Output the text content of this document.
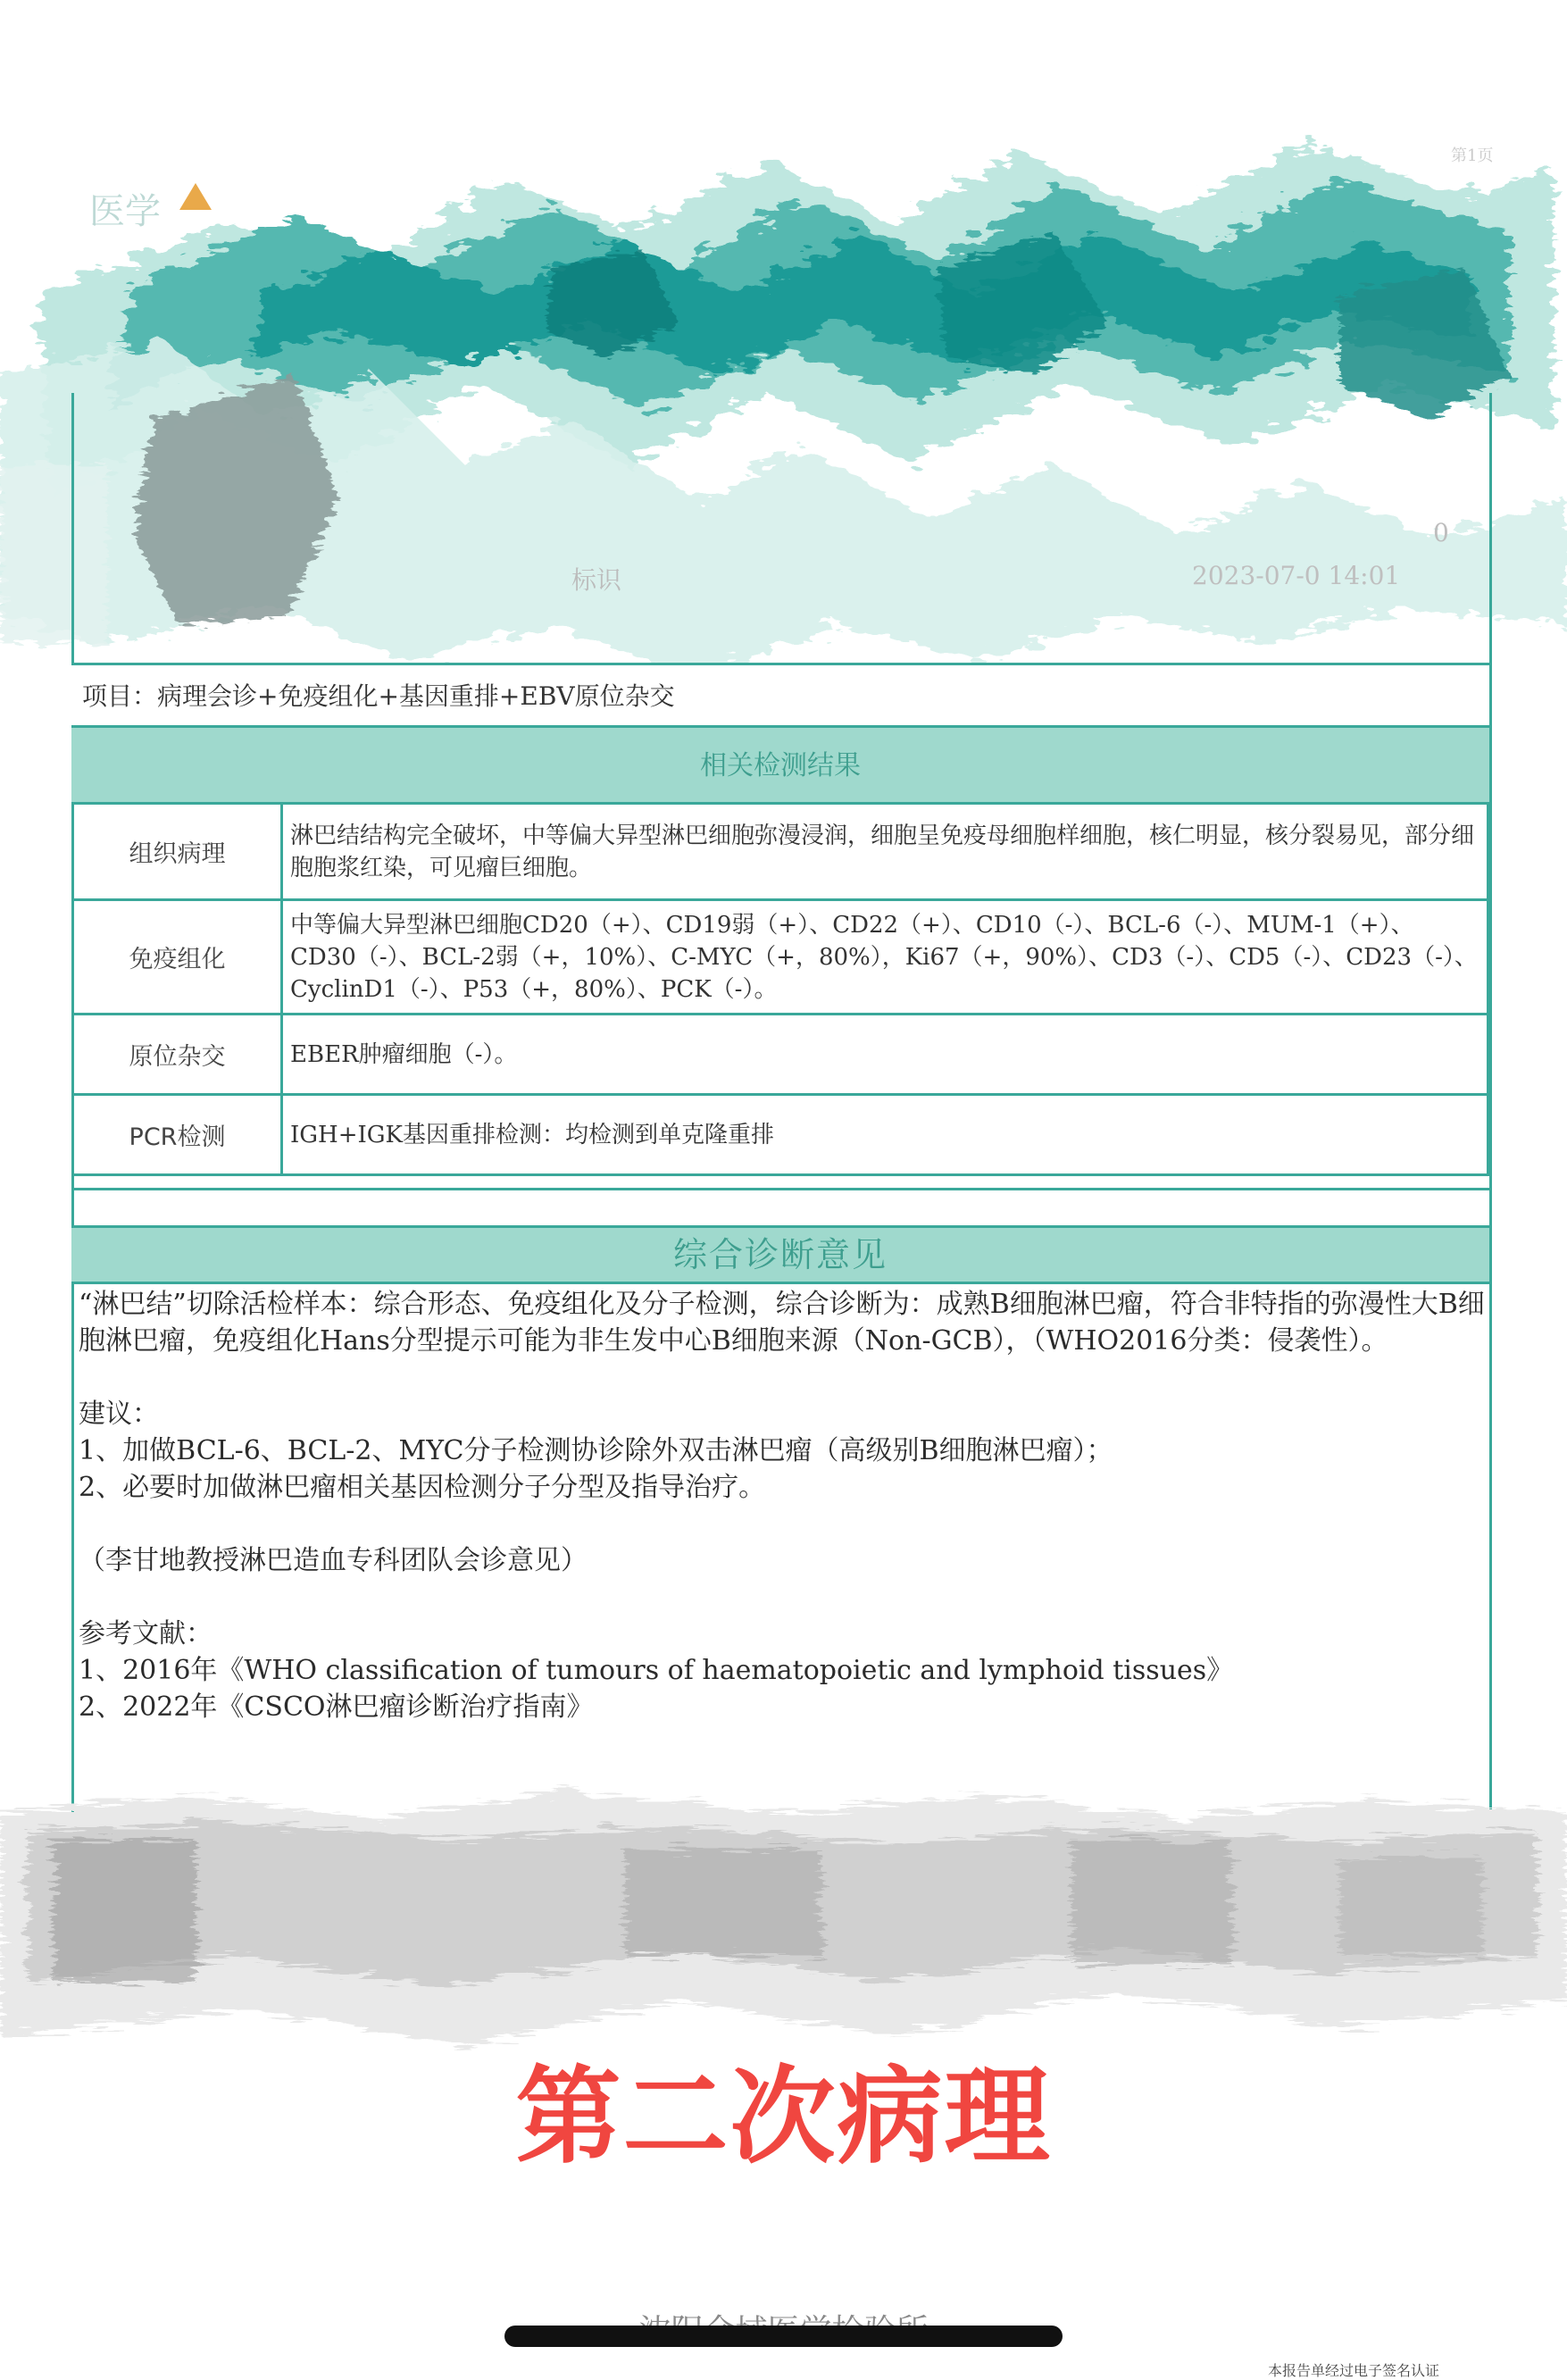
医学
第1页
标识	2023-07-0 14:01
0
项目：病理会诊+免疫组化+基因重排+EBV原位杂交
相关检测结果
组织病理	淋巴结结构完全破坏，中等偏大异型淋巴细胞弥漫浸润，细胞呈免疫母细胞样细胞，核仁明显，核分裂易见，部分细胞胞浆红染，可见瘤巨细胞。
免疫组化	中等偏大异型淋巴细胞CD20（+）、CD19弱（+）、CD22（+）、CD10（-）、BCL-6（-）、MUM-1（+）、CD30（-）、BCL-2弱（+，10%）、C-MYC（+，80%），Ki67（+，90%）、CD3（-）、CD5（-）、CD23（-）、CyclinD1（-）、P53（+，80%）、PCK（-）。
原位杂交	EBER肿瘤细胞（-）。
PCR检测	IGH+IGK基因重排检测：均检测到单克隆重排
综合诊断意见

“淋巴结”切除活检样本：综合形态、免疫组化及分子检测，综合诊断为：成熟B细胞淋巴瘤，符合非特指的弥漫性大B细胞淋巴瘤，免疫组化Hans分型提示可能为非生发中心B细胞来源（Non-GCB），（WHO2016分类：侵袭性）。

建议：

1、加做BCL-6、BCL-2、MYC分子检测协诊除外双击淋巴瘤（高级别B细胞淋巴瘤）；

2、必要时加做淋巴瘤相关基因检测分子分型及指导治疗。

（李甘地教授淋巴造血专科团队会诊意见）

参考文献：

1、2016年《WHO classification of tumours of haematopoietic and lymphoid tissues》

2、2022年《CSCO淋巴瘤诊断治疗指南》

第二次病理
本报告单经过电子签名认证
